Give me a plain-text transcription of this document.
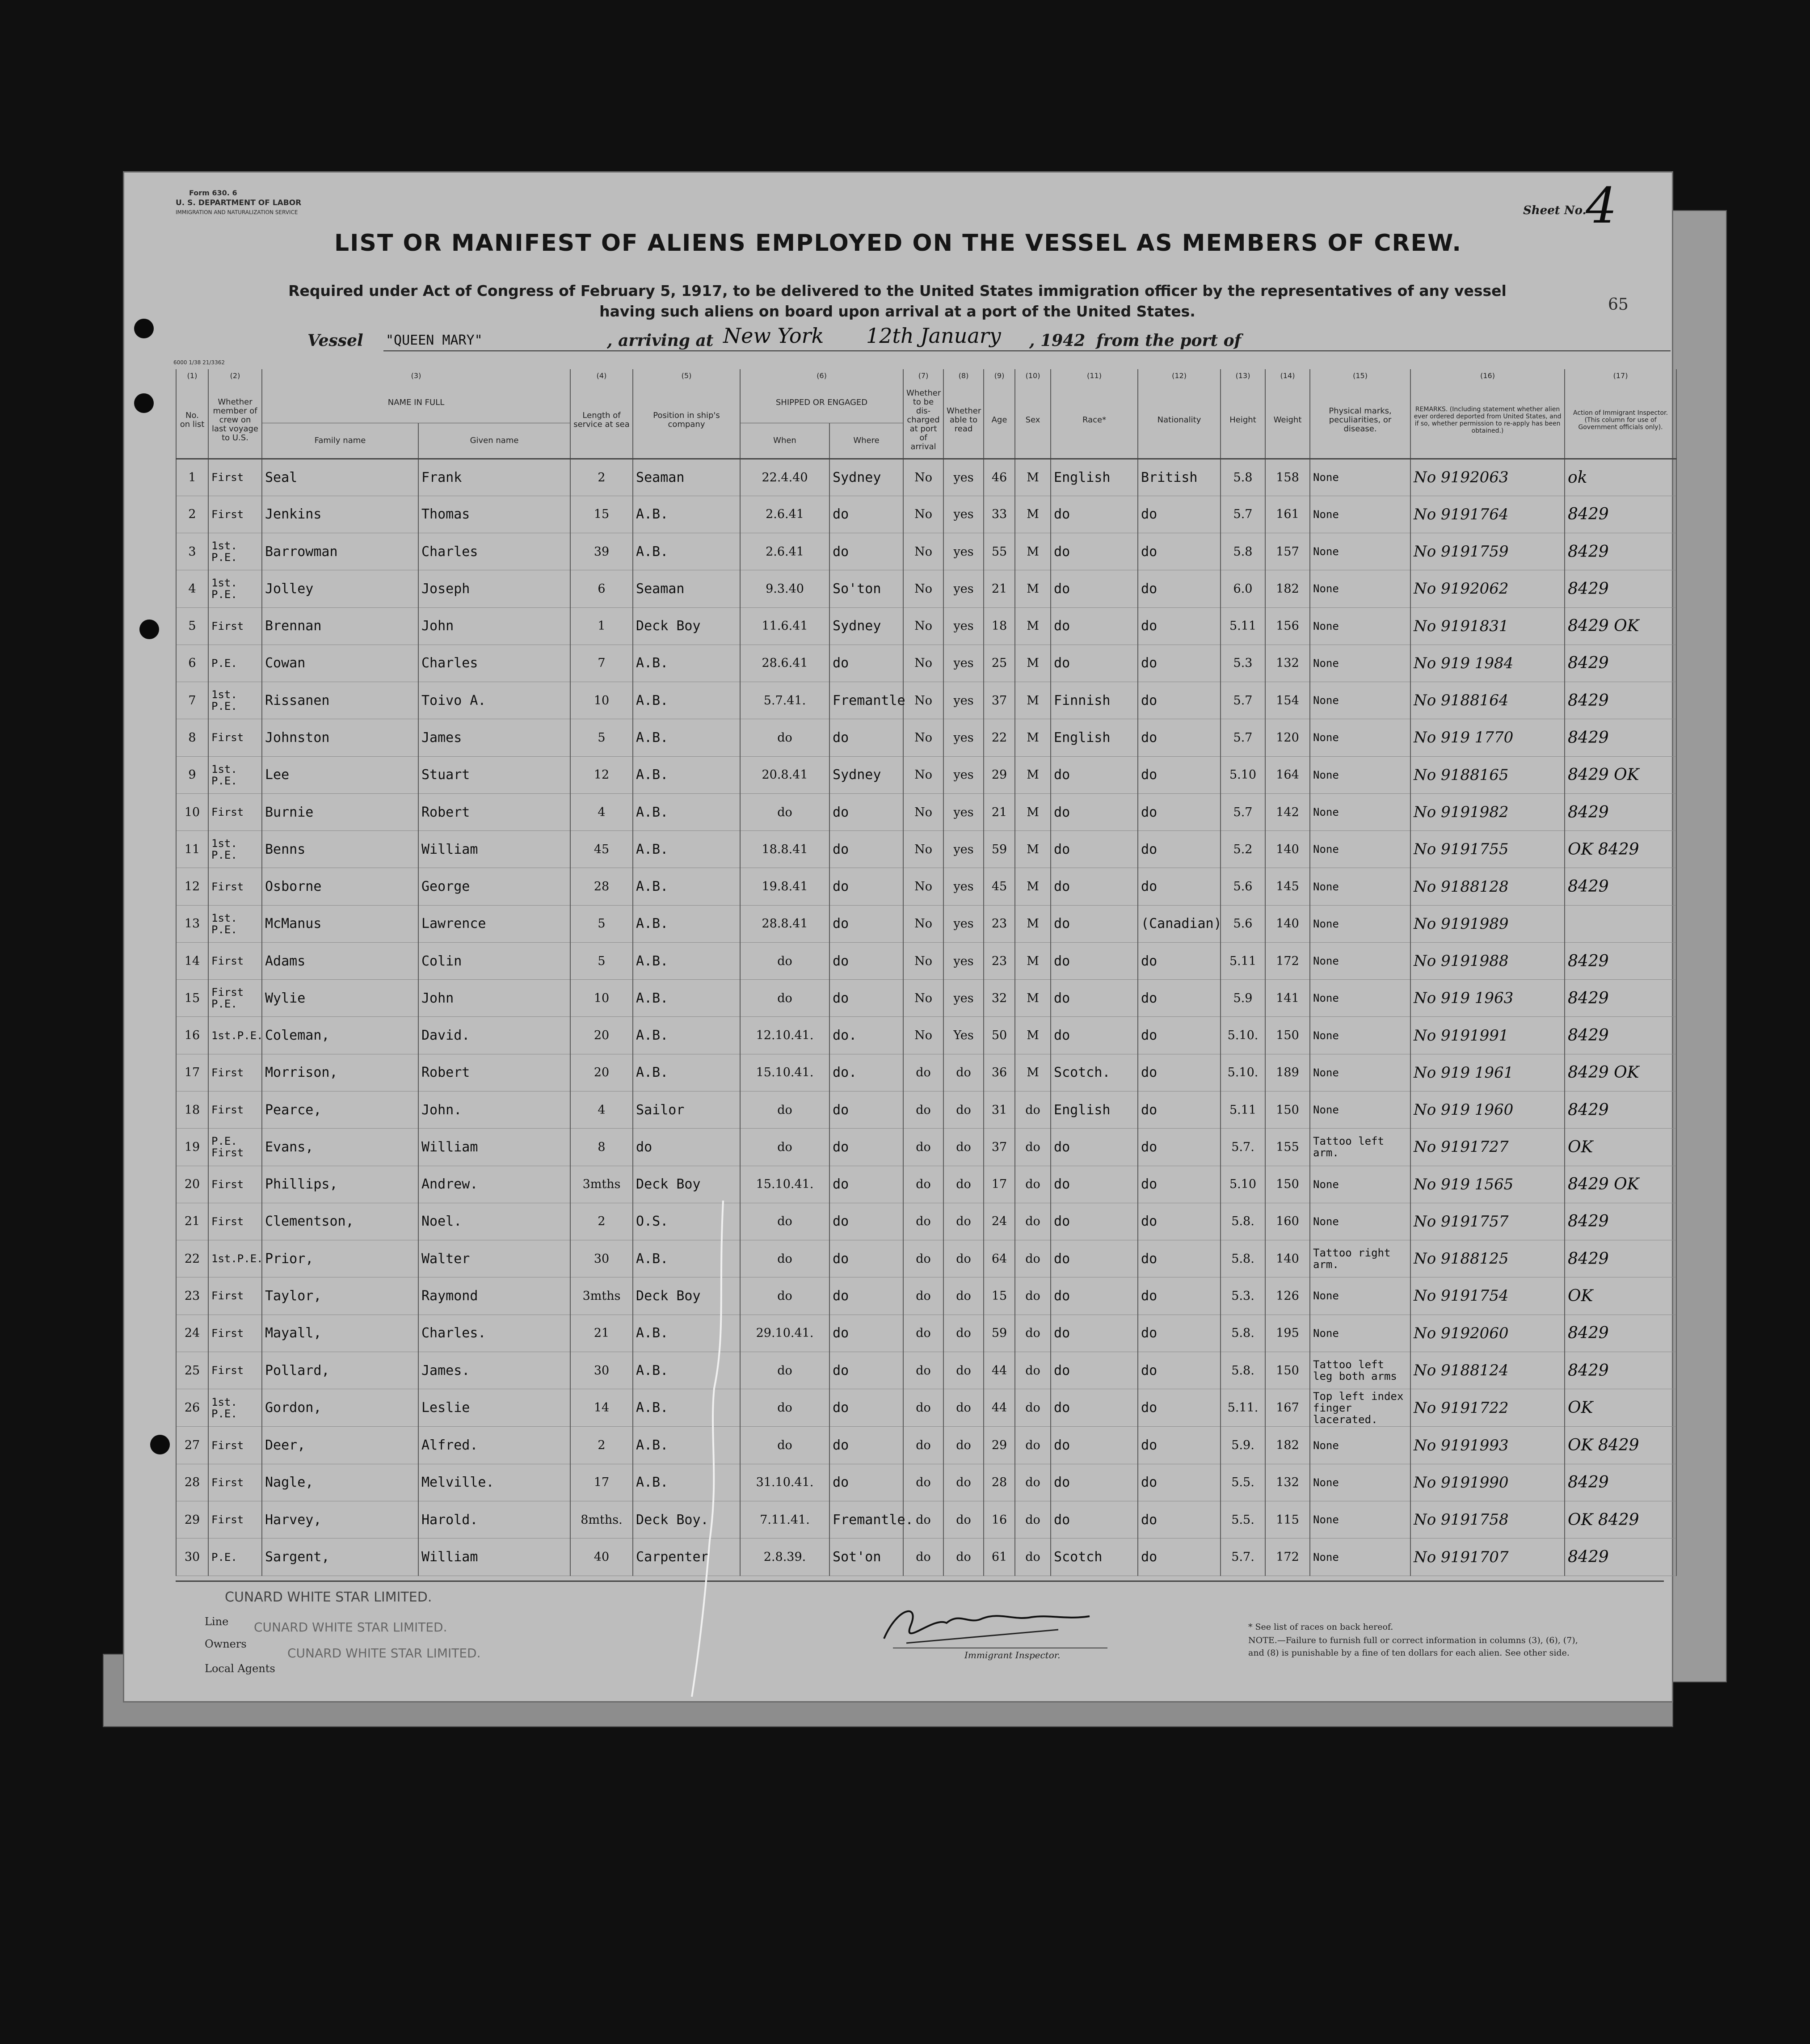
Form 630. 6
U. S. DEPARTMENT OF LABOR
IMMIGRATION AND NATURALIZATION SERVICE	Sheet No.
4
LIST OR MANIFEST OF ALIENS EMPLOYED ON THE VESSEL AS MEMBERS OF CREW.
Required under Act of Congress of February 5, 1917, to be delivered to the United States immigration officer by the representatives of any vessel having such aliens on board upon arrival at a port of the United States.	65
Vessel "QUEEN MARY"	, arriving at New York 12th January , 1942 from the port of
6000 1/38 21/3362
(1)	(2)	(3)		(4)	(5)	(6)		(7)	(8)	(9)	(10)	(11)	(12)	(13)	(14)	(15)	(16)	(17)
No. on list	Whether member of crew on last voyage to U.S.	NAME IN FULL		Length of service at sea	Position in ship's company	SHIPPED OR ENGAGED		Whether to be dis-charged at port of arrival	Whether able to read	Age	Sex	Race*	Nationality	Height	Weight	Physical marks, peculiarities, or disease.	REMARKS. (Including statement whether alien ever ordered deported from United States, and if so, whether permission to re-apply has been obtained.)	Action of Immigrant Inspector. (This column for use of Government officials only).
		Family name	Given name			When	Where											
1	First	Seal	Frank	2	Seaman	22.4.40	Sydney	No	yes	46	M	English	British	5.8	158	None	No 9192063	ok
2	First	Jenkins	Thomas	15	A.B.	2.6.41	do	No	yes	33	M	do	do	5.7	161	None	No 9191764	8429
3	1st. P.E.	Barrowman	Charles	39	A.B.	2.6.41	do	No	yes	55	M	do	do	5.8	157	None	No 9191759	8429
4	1st. P.E.	Jolley	Joseph	6	Seaman	9.3.40	So'ton	No	yes	21	M	do	do	6.0	182	None	No 9192062	8429
5	First	Brennan	John	1	Deck Boy	11.6.41	Sydney	No	yes	18	M	do	do	5.11	156	None	No 9191831	8429 OK
6	P.E.	Cowan	Charles	7	A.B.	28.6.41	do	No	yes	25	M	do	do	5.3	132	None	No 919 1984	8429
7	1st. P.E.	Rissanen	Toivo A.	10	A.B.	5.7.41.	Fremantle	No	yes	37	M	Finnish	do	5.7	154	None	No 9188164	8429
8	First	Johnston	James	5	A.B.	do	do	No	yes	22	M	English	do	5.7	120	None	No 919 1770	8429
9	1st. P.E.	Lee	Stuart	12	A.B.	20.8.41	Sydney	No	yes	29	M	do	do	5.10	164	None	No 9188165	8429 OK
10	First	Burnie	Robert	4	A.B.	do	do	No	yes	21	M	do	do	5.7	142	None	No 9191982	8429
11	1st. P.E.	Benns	William	45	A.B.	18.8.41	do	No	yes	59	M	do	do	5.2	140	None	No 9191755	OK 8429
12	First	Osborne	George	28	A.B.	19.8.41	do	No	yes	45	M	do	do	5.6	145	None	No 9188128	8429
13	1st. P.E.	McManus	Lawrence	5	A.B.	28.8.41	do	No	yes	23	M	do	(Canadian)	5.6	140	None	No 9191989	
14	First	Adams	Colin	5	A.B.	do	do	No	yes	23	M	do	do	5.11	172	None	No 9191988	8429
15	First P.E.	Wylie	John	10	A.B.	do	do	No	yes	32	M	do	do	5.9	141	None	No 919 1963	8429
16	1st.P.E.	Coleman,	David.	20	A.B.	12.10.41.	do.	No	Yes	50	M	do	do	5.10.	150	None	No 9191991	8429
17	First	Morrison,	Robert	20	A.B.	15.10.41.	do.	do	do	36	M	Scotch.	do	5.10.	189	None	No 919 1961	8429 OK
18	First	Pearce,	John.	4	Sailor	do	do	do	do	31	do	English	do	5.11	150	None	No 919 1960	8429
19	P.E. First	Evans,	William	8	do	do	do	do	do	37	do	do	do	5.7.	155	Tattoo left arm.	No 9191727	OK
20	First	Phillips,	Andrew.	3mths	Deck Boy	15.10.41.	do	do	do	17	do	do	do	5.10	150	None	No 919 1565	8429 OK
21	First	Clementson,	Noel.	2	O.S.	do	do	do	do	24	do	do	do	5.8.	160	None	No 9191757	8429
22	1st.P.E.	Prior,	Walter	30	A.B.	do	do	do	do	64	do	do	do	5.8.	140	Tattoo right arm.	No 9188125	8429
23	First	Taylor,	Raymond	3mths	Deck Boy	do	do	do	do	15	do	do	do	5.3.	126	None	No 9191754	OK
24	First	Mayall,	Charles.	21	A.B.	29.10.41.	do	do	do	59	do	do	do	5.8.	195	None	No 9192060	8429
25	First	Pollard,	James.	30	A.B.	do	do	do	do	44	do	do	do	5.8.	150	Tattoo left leg both arms	No 9188124	8429
26	1st. P.E.	Gordon,	Leslie	14	A.B.	do	do	do	do	44	do	do	do	5.11.	167	Top left index finger lacerated.	No 9191722	OK
27	First	Deer,	Alfred.	2	A.B.	do	do	do	do	29	do	do	do	5.9.	182	None	No 9191993	OK 8429
28	First	Nagle,	Melville.	17	A.B.	31.10.41.	do	do	do	28	do	do	do	5.5.	132	None	No 9191990	8429
29	First	Harvey,	Harold.	8mths.	Deck Boy.	7.11.41.	Fremantle.	do	do	16	do	do	do	5.5.	115	None	No 9191758	OK 8429
30	P.E.	Sargent,	William	40	Carpenter	2.8.39.	Sot'on	do	do	61	do	Scotch	do	5.7.	172	None	No 9191707	8429
CUNARD WHITE STAR LIMITED.
Line CUNARD WHITE STAR LIMITED.
Owners
CUNARD WHITE STAR LIMITED.
Local Agents
Immigrant Inspector.
* See list of races on back hereof.
NOTE.—Failure to furnish full or correct information in columns (3), (6), (7), and (8) is punishable by a fine of ten dollars for each alien. See other side.
